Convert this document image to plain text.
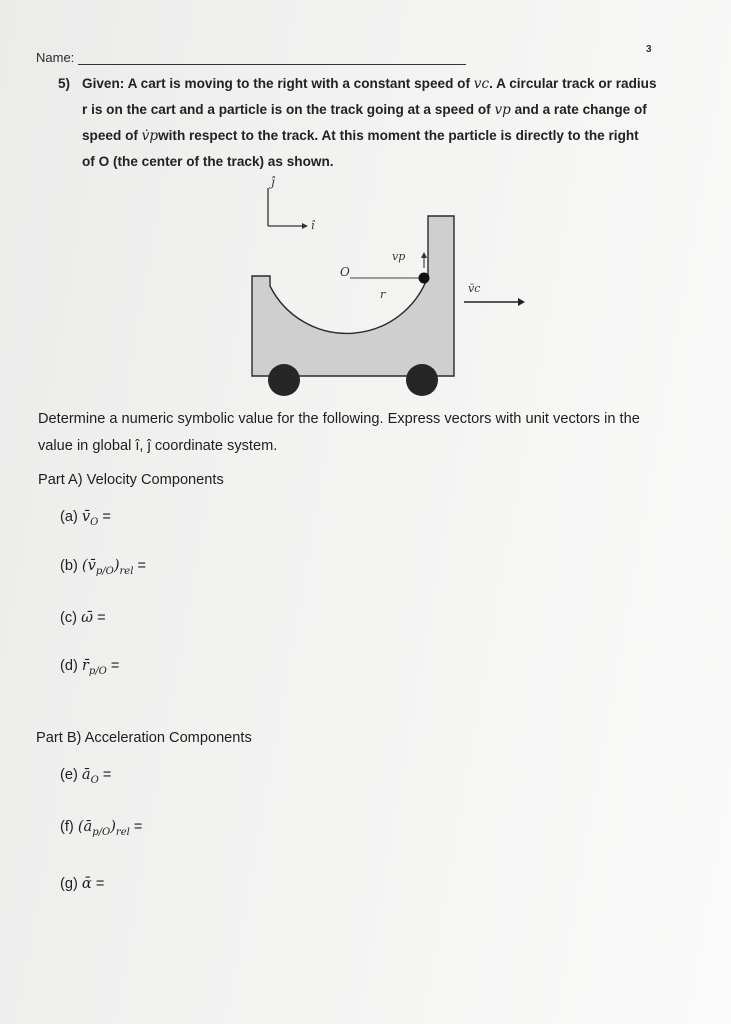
Name:
3
5) Given: A cart is moving to the right with a constant speed of vc. A circular track or radius

r is on the cart and a particle is on the track going at a speed of vp and a rate change of

speed of v̇pwith respect to the track. At this moment the particle is directly to the right

of O (the center of the track) as shown.

ĵ
î
O
r
vp
v̄c

Determine a numeric symbolic value for the following. Express vectors with unit vectors in the

value in global î, ĵ coordinate system.

Part A) Velocity Components
(a) $v̄_O$ =
(b) $(v̄_{p/O})_{rel}$ =
(c) ω̄ =
(d) $r̄_{p/O}$ =
Part B) Acceleration Components
(e) $ā_O$ =
(f) $(ā_{p/O})_{rel}$ =
(g) ᾱ =
